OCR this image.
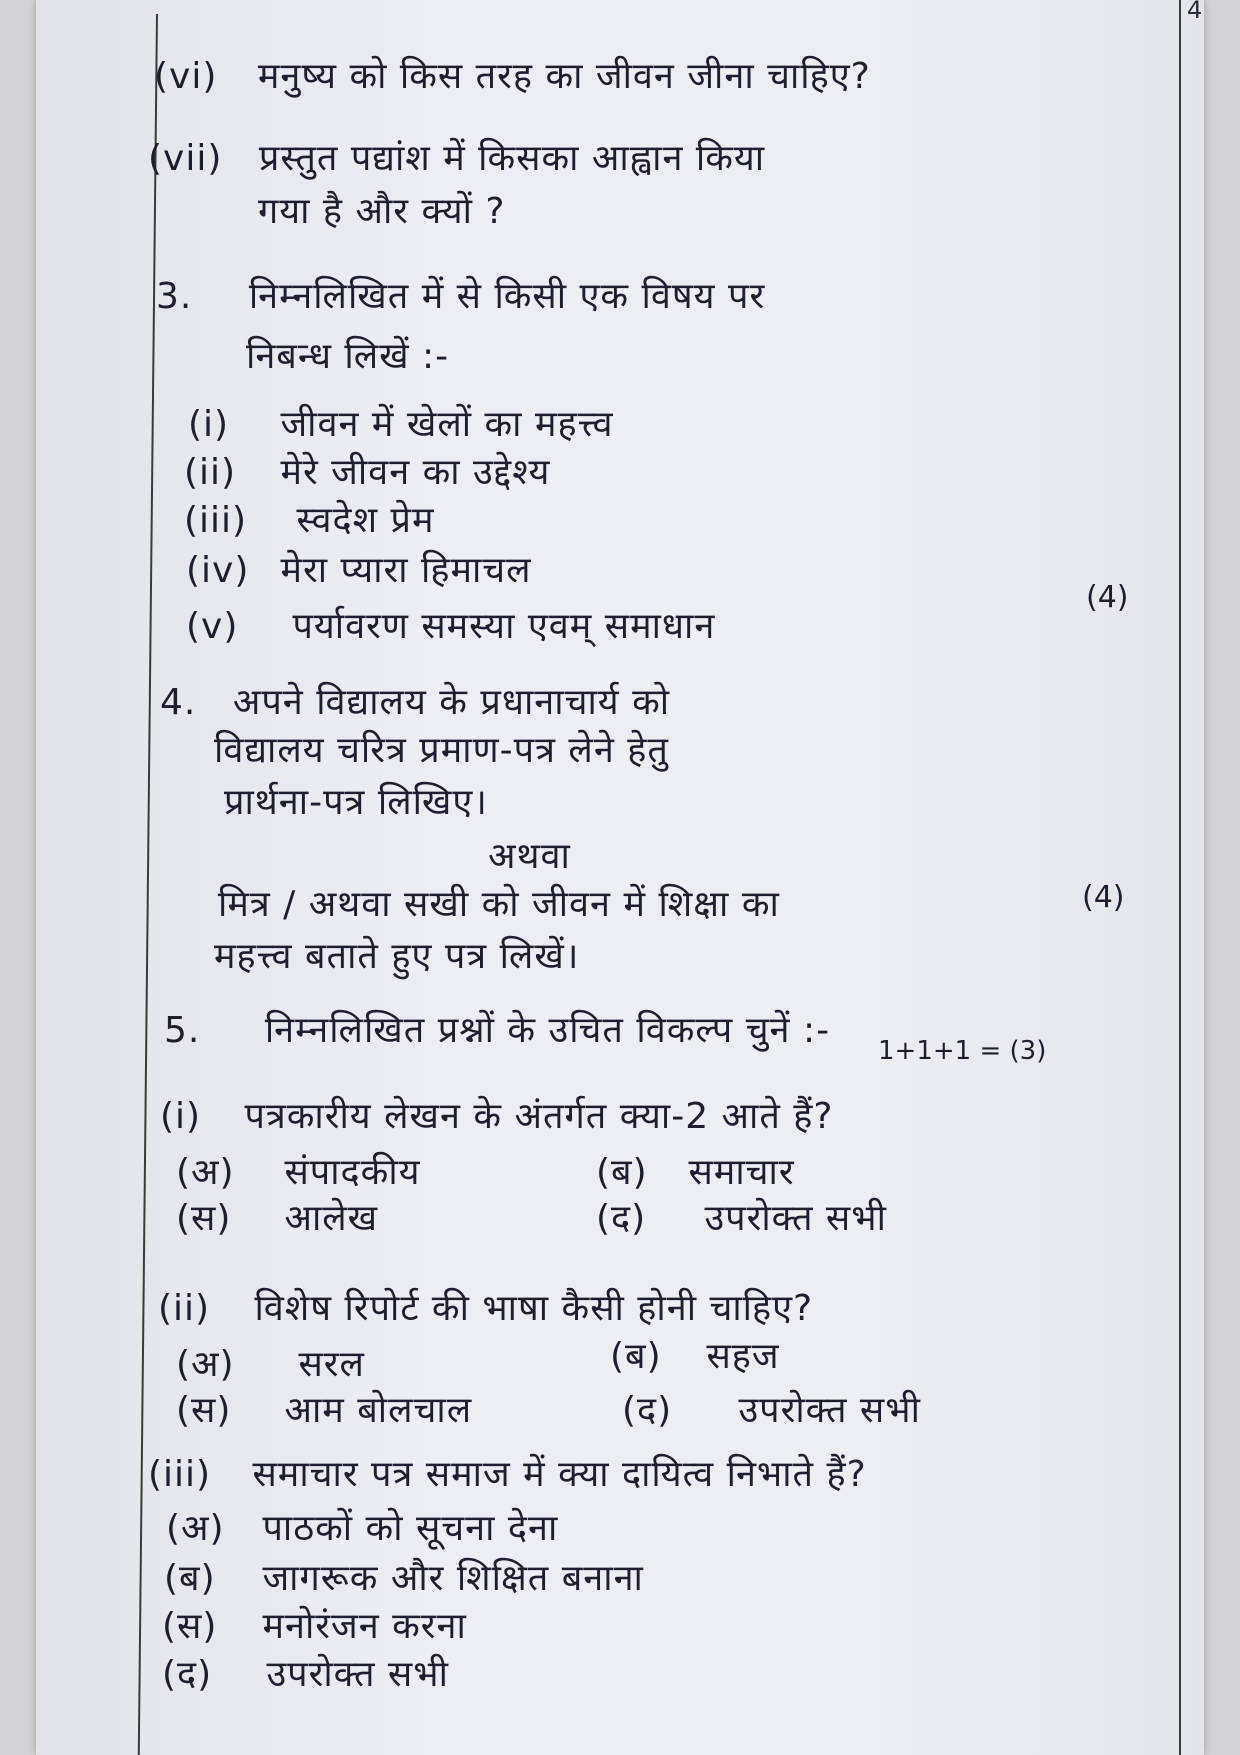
4
(vi) मनुष्य को किस तरह का जीवन जीना चाहिए?
(vii) प्रस्तुत पद्यांश में किसका आह्वान किया
गया है और क्यों ?
3. निम्नलिखित में से किसी एक विषय पर
निबन्ध लिखें :-
(i) जीवन में खेलों का महत्त्व
(ii) मेरे जीवन का उद्देश्य
(iii) स्वदेश प्रेम
(iv) मेरा प्यारा हिमाचल
(v) पर्यावरण समस्या एवम् समाधान
(4)
4. अपने विद्यालय के प्रधानाचार्य को
विद्यालय चरित्र प्रमाण-पत्र लेने हेतु
प्रार्थना-पत्र लिखिए।
अथवा
मित्र / अथवा सखी को जीवन में शिक्षा का	(4)
महत्त्व बताते हुए पत्र लिखें।
5. निम्नलिखित प्रश्नों के उचित विकल्प चुनें :- 1+1+1 = (3)
(i) पत्रकारीय लेखन के अंतर्गत क्या-2 आते हैं?
(अ) संपादकीय	(ब) समाचार
(स) आलेख	(द) उपरोक्त सभी
(ii) विशेष रिपोर्ट की भाषा कैसी होनी चाहिए?
(अ) सरल	(ब) सहज
(स) आम बोलचाल	(द) उपरोक्त सभी
(iii) समाचार पत्र समाज में क्या दायित्व निभाते हैं?
(अ) पाठकों को सूचना देना
(ब) जागरूक और शिक्षित बनाना
(स) मनोरंजन करना
(द) उपरोक्त सभी
